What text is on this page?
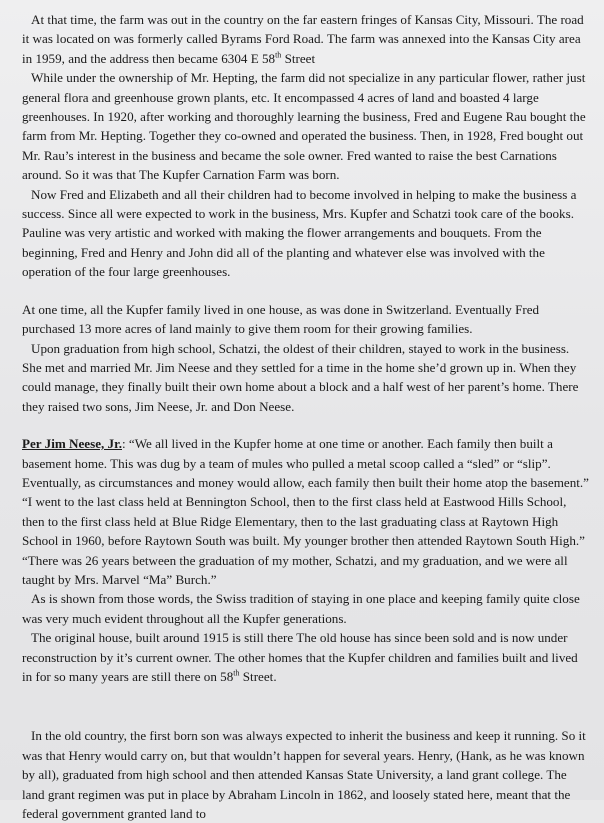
At that time, the farm was out in the country on the far eastern fringes of Kansas City, Missouri. The road it was located on was formerly called Byrams Ford Road. The farm was annexed into the Kansas City area in 1959, and the address then became 6304 E 58th Street

While under the ownership of Mr. Hepting, the farm did not specialize in any particular flower, rather just general flora and greenhouse grown plants, etc. It encompassed 4 acres of land and boasted 4 large greenhouses. In 1920, after working and thoroughly learning the business, Fred and Eugene Rau bought the farm from Mr. Hepting. Together they co-owned and operated the business. Then, in 1928, Fred bought out Mr. Rau’s interest in the business and became the sole owner. Fred wanted to raise the best Carnations around. So it was that The Kupfer Carnation Farm was born.

Now Fred and Elizabeth and all their children had to become involved in helping to make the business a success. Since all were expected to work in the business, Mrs. Kupfer and Schatzi took care of the books. Pauline was very artistic and worked with making the flower arrangements and bouquets. From the beginning, Fred and Henry and John did all of the planting and whatever else was involved with the operation of the four large greenhouses.

At one time, all the Kupfer family lived in one house, as was done in Switzerland. Eventually Fred purchased 13 more acres of land mainly to give them room for their growing families.

Upon graduation from high school, Schatzi, the oldest of their children, stayed to work in the business. She met and married Mr. Jim Neese and they settled for a time in the home she’d grown up in. When they could manage, they finally built their own home about a block and a half west of her parent’s home. There they raised two sons, Jim Neese, Jr. and Don Neese.

Per Jim Neese, Jr.: “We all lived in the Kupfer home at one time or another. Each family then built a basement home. This was dug by a team of mules who pulled a metal scoop called a “sled” or “slip”. Eventually, as circumstances and money would allow, each family then built their home atop the basement.” “I went to the last class held at Bennington School, then to the first class held at Eastwood Hills School, then to the first class held at Blue Ridge Elementary, then to the last graduating class at Raytown High School in 1960, before Raytown South was built. My younger brother then attended Raytown South High.”

“There was 26 years between the graduation of my mother, Schatzi, and my graduation, and we were all taught by Mrs. Marvel “Ma” Burch.”

As is shown from those words, the Swiss tradition of staying in one place and keeping family quite close was very much evident throughout all the Kupfer generations.

The original house, built around 1915 is still there The old house has since been sold and is now under reconstruction by it’s current owner. The other homes that the Kupfer children and families built and lived in for so many years are still there on 58th Street.

In the old country, the first born son was always expected to inherit the business and keep it running. So it was that Henry would carry on, but that wouldn’t happen for several years. Henry, (Hank, as he was known by all), graduated from high school and then attended Kansas State University, a land grant college. The land grant regimen was put in place by Abraham Lincoln in 1862, and loosely stated here, meant that the federal government granted land to
